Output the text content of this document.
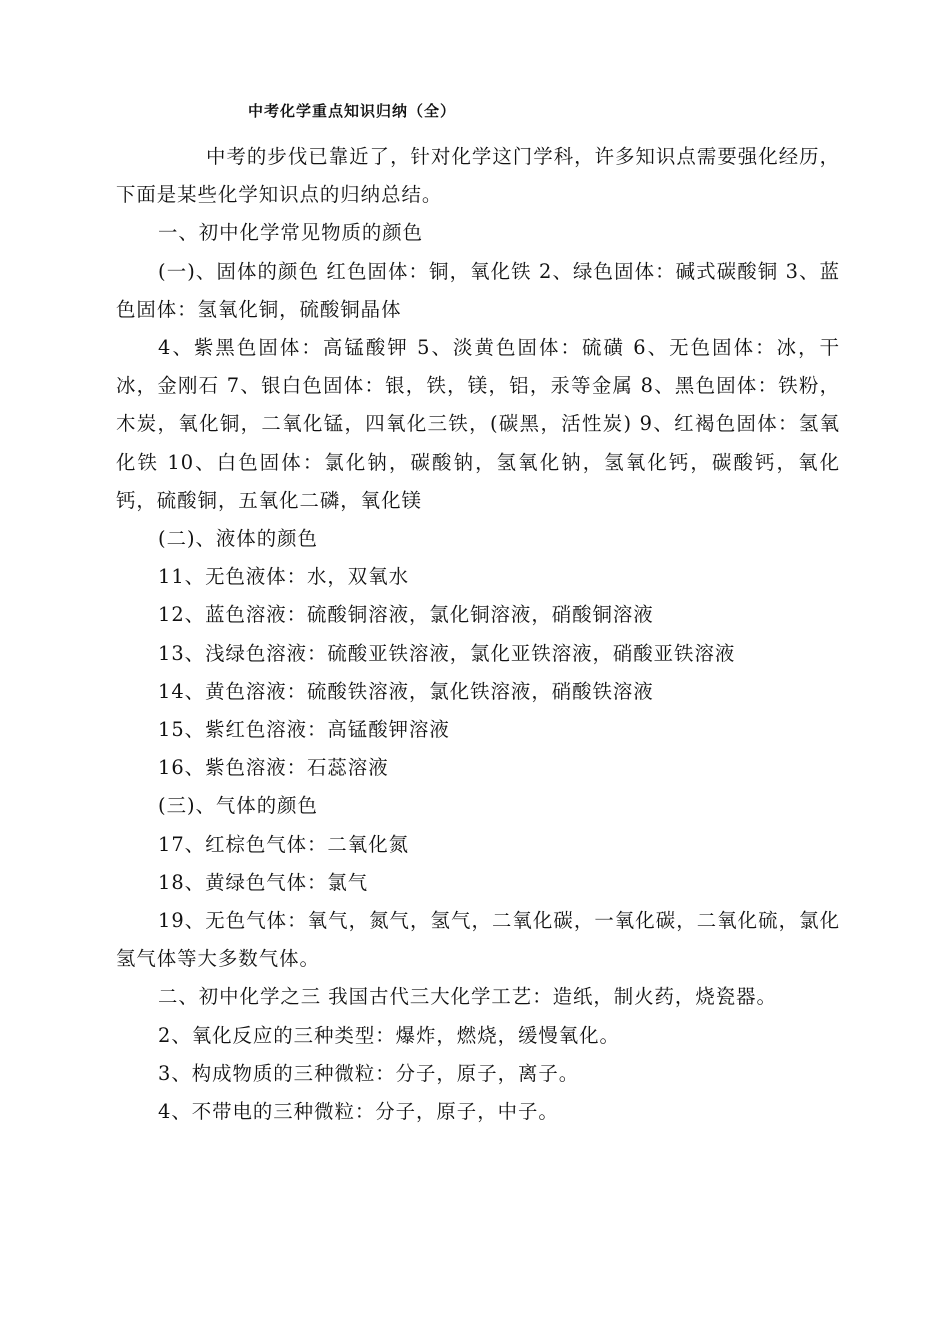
中考化学重点知识归纳（全）

中考的步伐已靠近了，针对化学这门学科，许多知识点需要强化经历，下面是某些化学知识点的归纳总结。

一、初中化学常见物质的颜色

(一)、固体的颜色 红色固体：铜，氧化铁 2、绿色固体：碱式碳酸铜 3、蓝色固体：氢氧化铜，硫酸铜晶体

4、紫黑色固体：高锰酸钾 5、淡黄色固体：硫磺 6、无色固体：冰，干冰，金刚石 7、银白色固体：银，铁，镁，铝，汞等金属 8、黑色固体：铁粉，木炭，氧化铜，二氧化锰，四氧化三铁，(碳黑，活性炭) 9、红褐色固体：氢氧化铁 10、白色固体：氯化钠，碳酸钠，氢氧化钠，氢氧化钙，碳酸钙，氧化钙，硫酸铜，五氧化二磷，氧化镁

(二)、液体的颜色

11、无色液体：水，双氧水

12、蓝色溶液：硫酸铜溶液，氯化铜溶液，硝酸铜溶液

13、浅绿色溶液：硫酸亚铁溶液，氯化亚铁溶液，硝酸亚铁溶液

14、黄色溶液：硫酸铁溶液，氯化铁溶液，硝酸铁溶液

15、紫红色溶液：高锰酸钾溶液

16、紫色溶液：石蕊溶液

(三)、气体的颜色

17、红棕色气体：二氧化氮

18、黄绿色气体：氯气

19、无色气体：氧气，氮气，氢气，二氧化碳，一氧化碳，二氧化硫，氯化氢气体等大多数气体。

二、初中化学之三 我国古代三大化学工艺：造纸，制火药，烧瓷器。

2、氧化反应的三种类型：爆炸，燃烧，缓慢氧化。

3、构成物质的三种微粒：分子，原子，离子。

4、不带电的三种微粒：分子，原子，中子。
